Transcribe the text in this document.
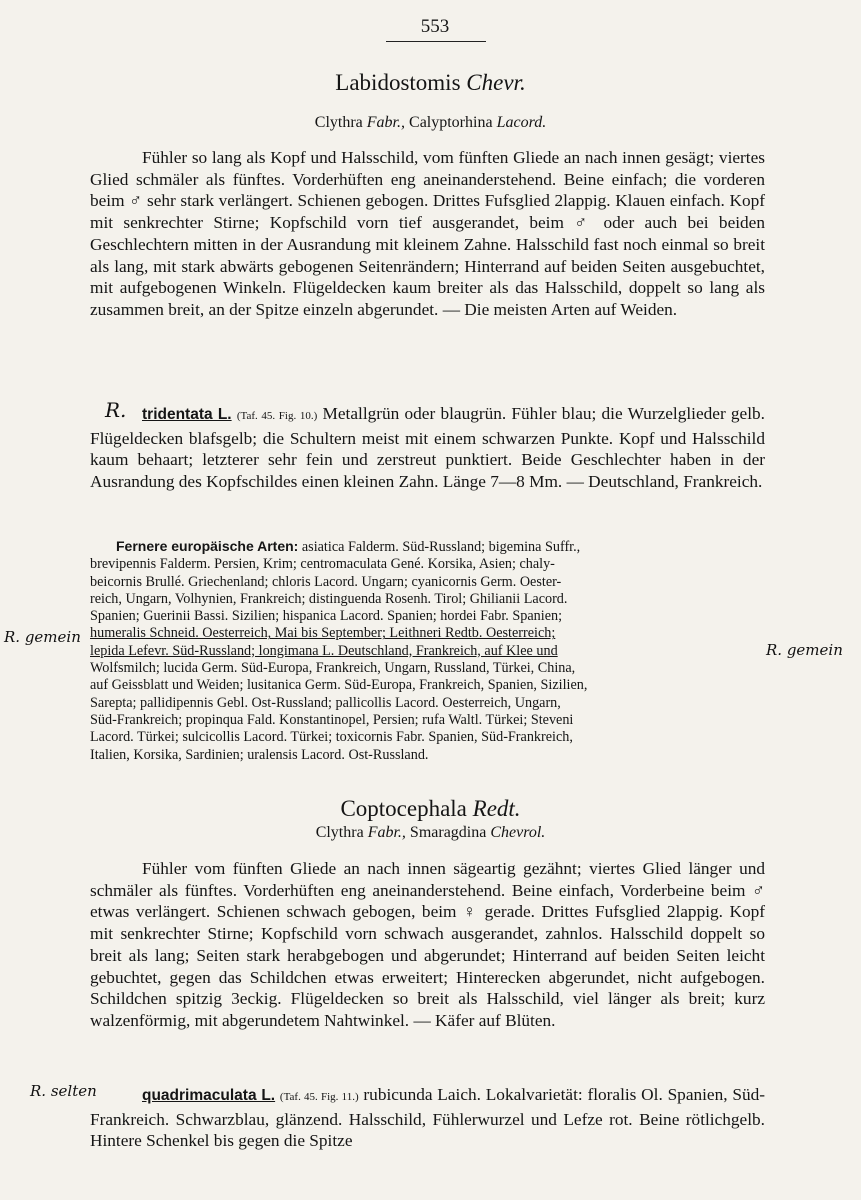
553
Labidostomis Chevr.
Clythra Fabr., Calyptorhina Lacord.
Fühler so lang als Kopf und Halsschild, vom fünften Gliede an nach innen gesägt; viertes Glied schmäler als fünftes. Vorderhüften eng aneinanderstehend. Beine einfach; die vorderen beim ♂ sehr stark verlängert. Schienen gebogen. Drittes Fufsglied 2lappig. Klauen einfach. Kopf mit senkrechter Stirne; Kopfschild vorn tief ausgerandet, beim ♂ oder auch bei beiden Geschlechtern mitten in der Ausrandung mit kleinem Zahne. Halsschild fast noch einmal so breit als lang, mit stark abwärts gebogenen Seitenrändern; Hinterrand auf beiden Seiten ausgebuchtet, mit aufgebogenen Winkeln. Flügeldecken kaum breiter als das Halsschild, doppelt so lang als zusammen breit, an der Spitze einzeln abgerundet. — Die meisten Arten auf Weiden.
R.	tridentata L. (Taf. 45. Fig. 10.) Metallgrün oder blaugrün. Fühler blau; die Wurzelglieder gelb. Flügeldecken blafsgelb; die Schultern meist mit einem schwarzen Punkte. Kopf und Halsschild kaum behaart; letzterer sehr fein und zerstreut punktiert. Beide Geschlechter haben in der Ausrandung des Kopfschildes einen kleinen Zahn. Länge 7—8 Mm. — Deutschland, Frankreich.
Fernere europäische Arten: asiatica Falderm. Süd-Russland; bigemina Suffr.,
brevipennis Falderm. Persien, Krim; centromaculata Gené. Korsika, Asien; chaly-
beicornis Brullé. Griechenland; chloris Lacord. Ungarn; cyanicornis Germ. Oester-
reich, Ungarn, Volhynien, Frankreich; distinguenda Rosenh. Tirol; Ghilianii Lacord.
Spanien; Guerinii Bassi. Sizilien; hispanica Lacord. Spanien; hordei Fabr. Spanien;
humeralis Schneid. Oesterreich, Mai bis September; Leithneri Redtb. Oesterreich;
lepida Lefevr. Süd-Russland; longimana L. Deutschland, Frankreich, auf Klee und
Wolfsmilch; lucida Germ. Süd-Europa, Frankreich, Ungarn, Russland, Türkei, China,
auf Geissblatt und Weiden; lusitanica Germ. Süd-Europa, Frankreich, Spanien, Sizilien,
Sarepta; pallidipennis Gebl. Ost-Russland; pallicollis Lacord. Oesterreich, Ungarn,
Süd-Frankreich; propinqua Fald. Konstantinopel, Persien; rufa Waltl. Türkei; Steveni
Lacord. Türkei; sulcicollis Lacord. Türkei; toxicornis Fabr. Spanien, Süd-Frankreich,
Italien, Korsika, Sardinien; uralensis Lacord. Ost-Russland.
R. gemein
R. gemein
Coptocephala Redt.
Clythra Fabr., Smaragdina Chevrol.
Fühler vom fünften Gliede an nach innen sägeartig gezähnt; viertes Glied länger und schmäler als fünftes. Vorderhüften eng aneinanderstehend. Beine einfach, Vorderbeine beim ♂ etwas verlängert. Schienen schwach gebogen, beim ♀ gerade. Drittes Fufsglied 2lappig. Kopf mit senkrechter Stirne; Kopfschild vorn schwach ausgerandet, zahnlos. Halsschild doppelt so breit als lang; Seiten stark herabgebogen und abgerundet; Hinterrand auf beiden Seiten leicht gebuchtet, gegen das Schildchen etwas erweitert; Hinterecken abgerundet, nicht aufgebogen. Schildchen spitzig 3eckig. Flügeldecken so breit als Halsschild, viel länger als breit; kurz walzenförmig, mit abgerundetem Nahtwinkel. — Käfer auf Blüten.
R. selten	quadrimaculata L. (Taf. 45. Fig. 11.) rubicunda Laich. Lokalvarietät: floralis Ol. Spanien, Süd-Frankreich. Schwarzblau, glänzend. Halsschild, Fühlerwurzel und Lefze rot. Beine rötlichgelb. Hintere Schenkel bis gegen die Spitze
